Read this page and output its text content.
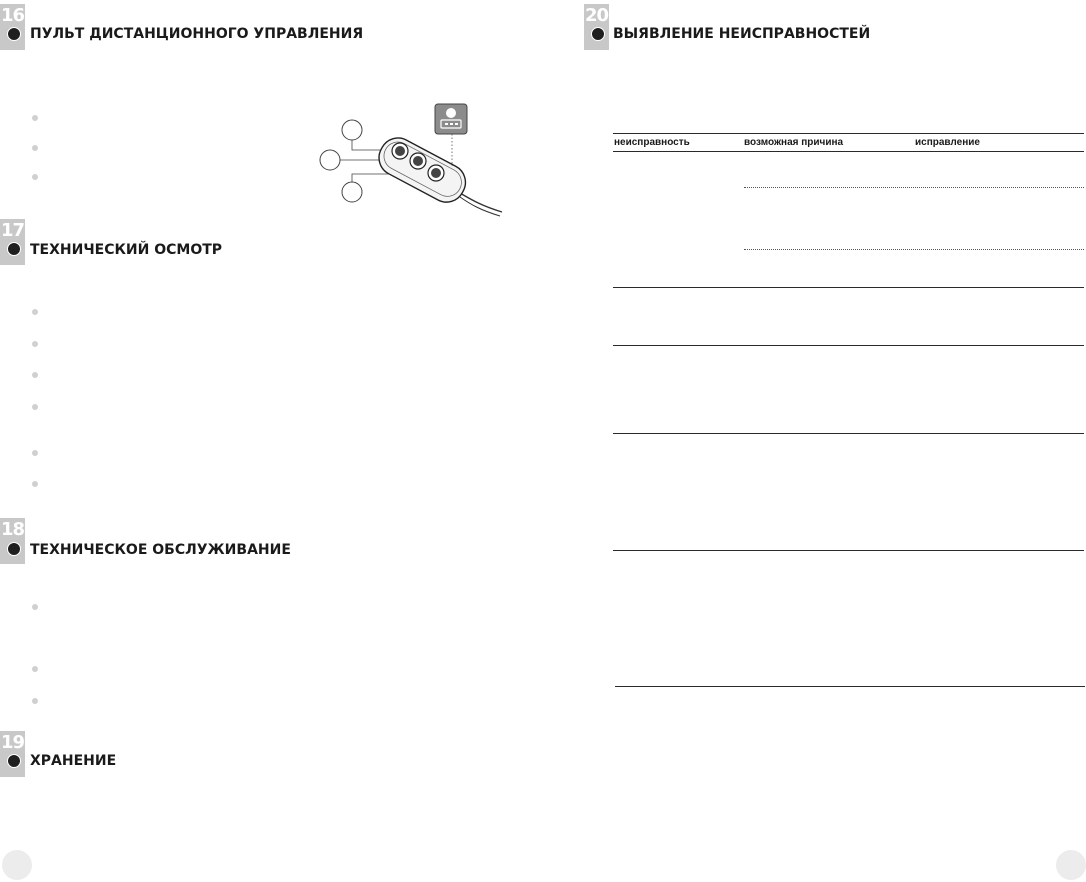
16
ПУЛЬТ ДИСТАНЦИОННОГО УПРАВЛЕНИЯ
17
ТЕХНИЧЕСКИЙ ОСМОТР
18
ТЕХНИЧЕСКОЕ ОБСЛУЖИВАНИЕ
19
ХРАНЕНИЕ
20
ВЫЯВЛЕНИЕ НЕИСПРАВНОСТЕЙ
неисправность	возможная причина	исправление
